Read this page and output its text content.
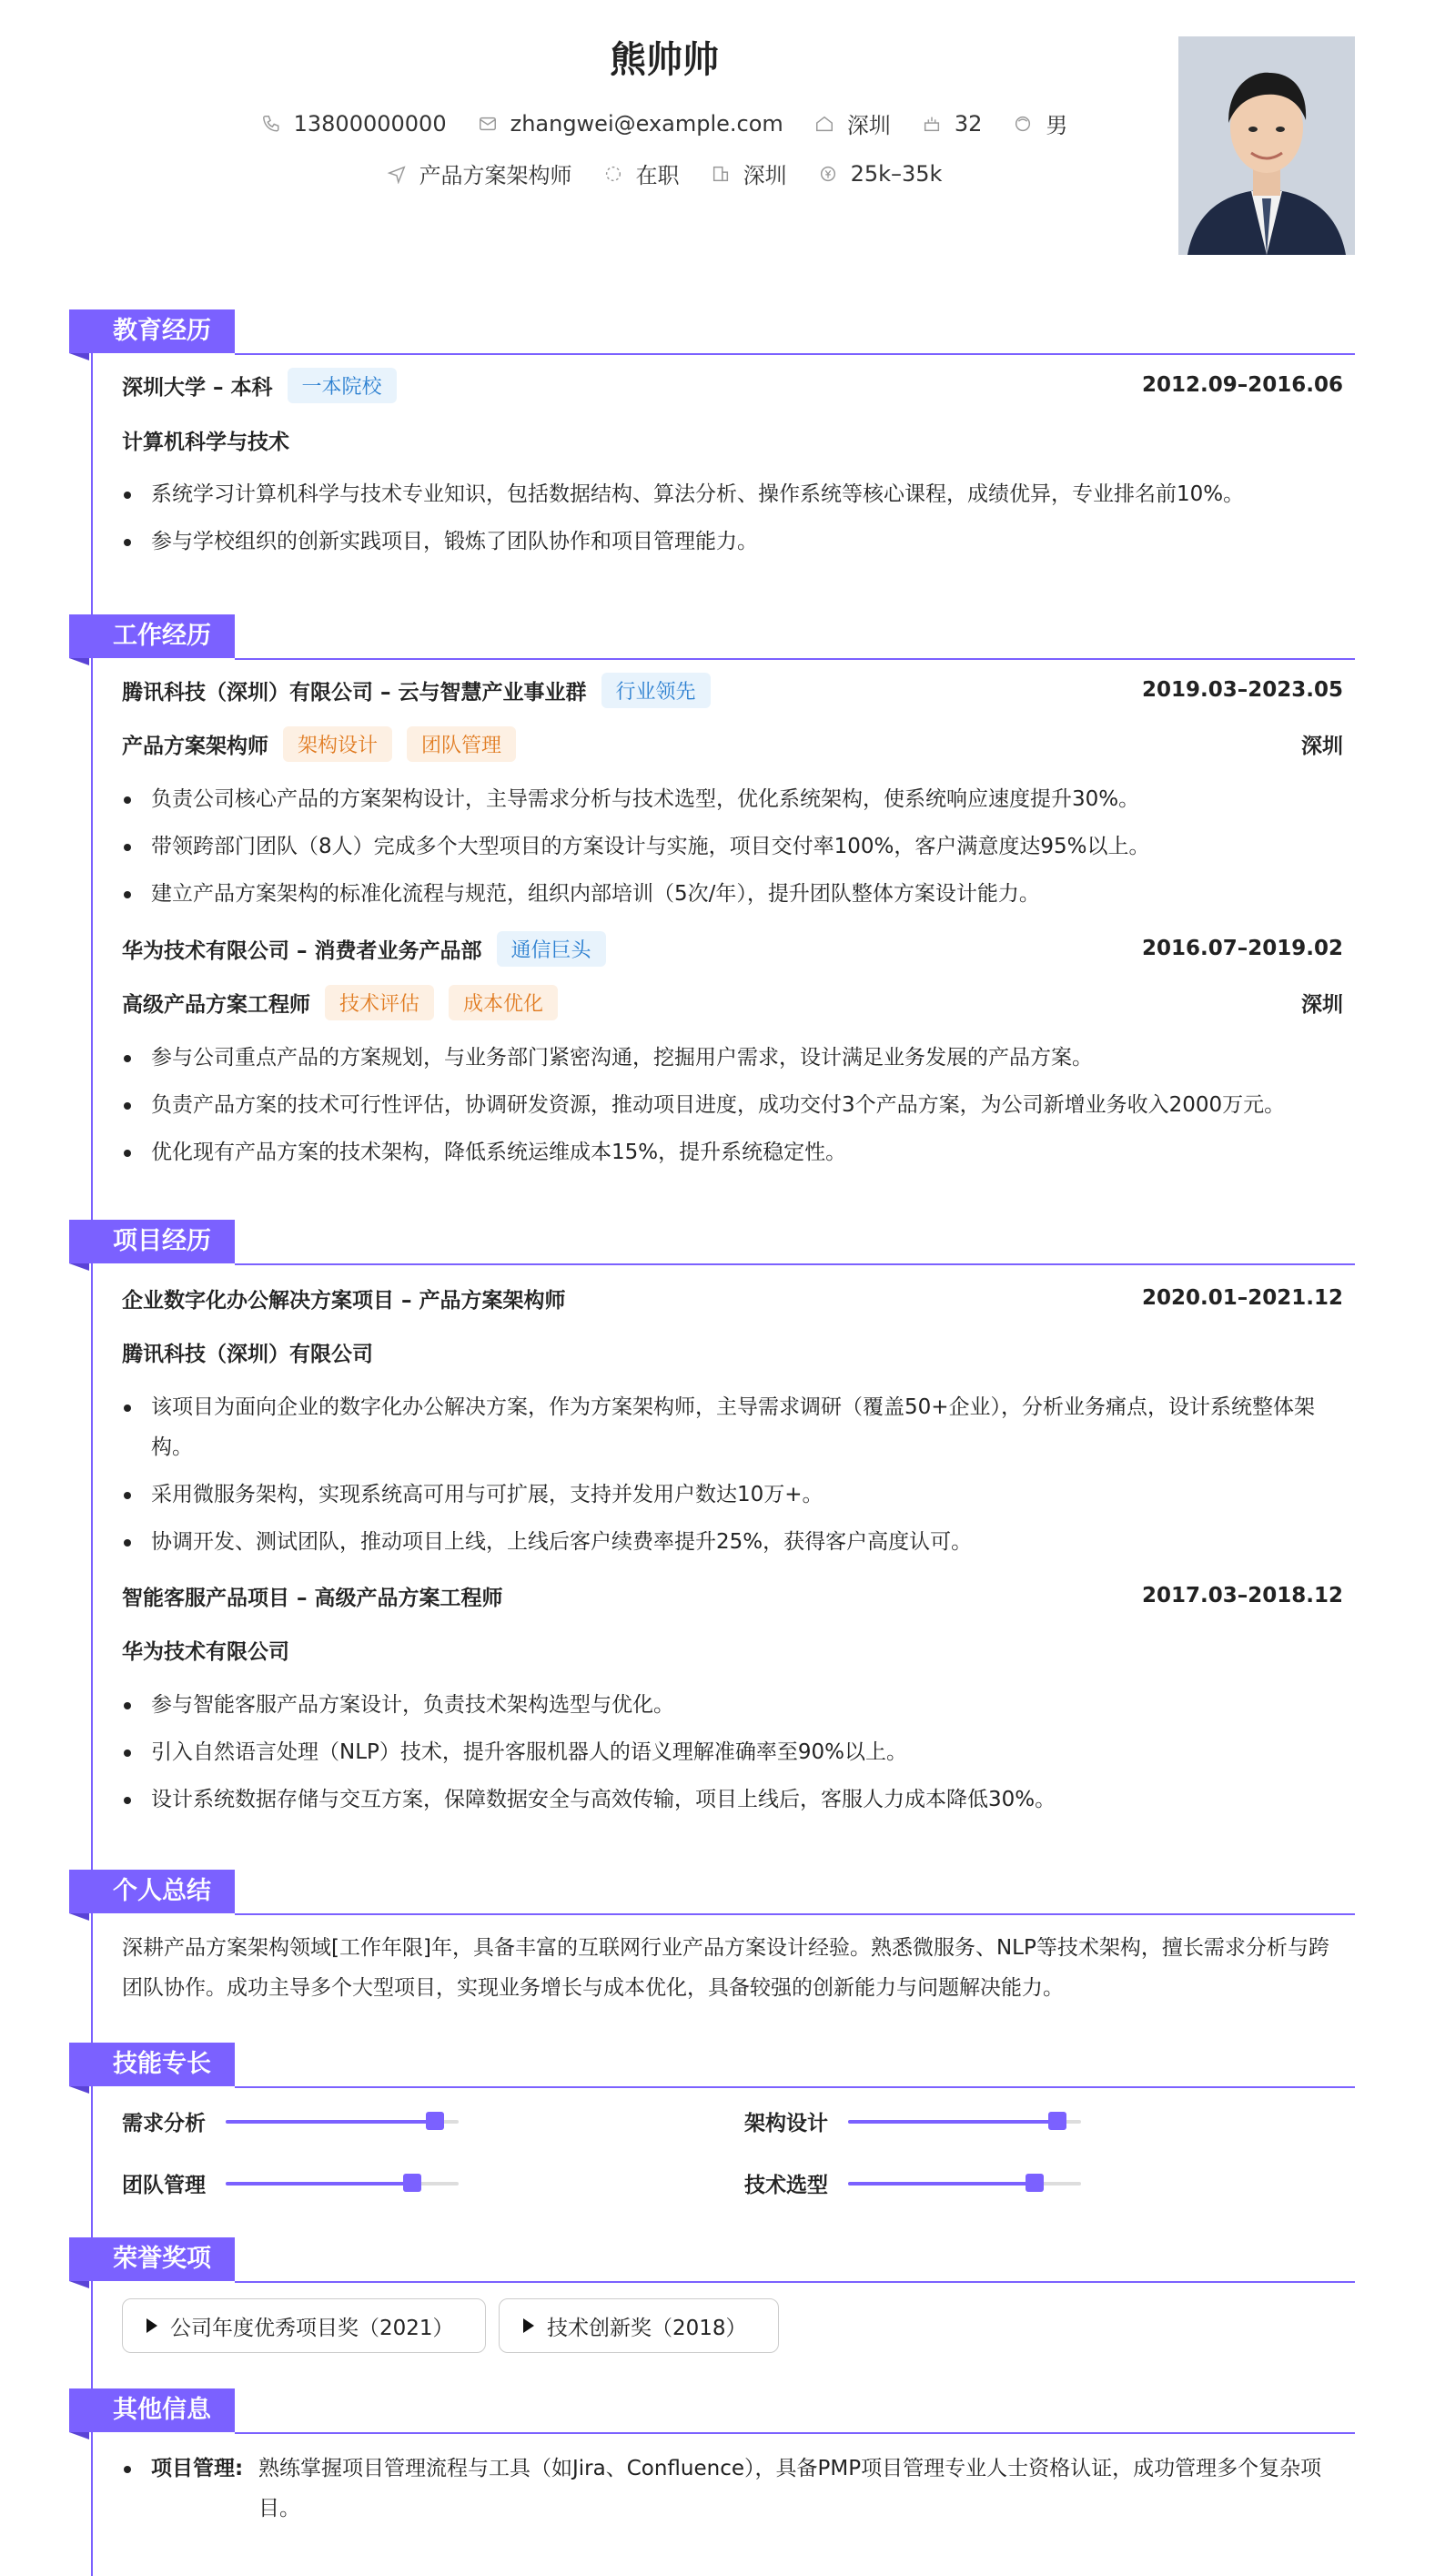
熊帅帅
13800000000	zhangwei@example.com	深圳	32	男
产品方案架构师	在职	深圳	25k–35k
教育经历
深圳大学 – 本科	一本院校	2012.09–2016.06
计算机科学与技术
系统学习计算机科学与技术专业知识，包括数据结构、算法分析、操作系统等核心课程，成绩优异，专业排名前10%。
参与学校组织的创新实践项目，锻炼了团队协作和项目管理能力。
工作经历
腾讯科技（深圳）有限公司 – 云与智慧产业事业群	行业领先	2019.03–2023.05
产品方案架构师	架构设计	团队管理	深圳
负责公司核心产品的方案架构设计，主导需求分析与技术选型，优化系统架构，使系统响应速度提升30%。
带领跨部门团队（8人）完成多个大型项目的方案设计与实施，项目交付率100%，客户满意度达95%以上。
建立产品方案架构的标准化流程与规范，组织内部培训（5次/年），提升团队整体方案设计能力。
华为技术有限公司 – 消费者业务产品部	通信巨头	2016.07–2019.02
高级产品方案工程师	技术评估	成本优化	深圳
参与公司重点产品的方案规划，与业务部门紧密沟通，挖掘用户需求，设计满足业务发展的产品方案。
负责产品方案的技术可行性评估，协调研发资源，推动项目进度，成功交付3个产品方案，为公司新增业务收入2000万元。
优化现有产品方案的技术架构，降低系统运维成本15%，提升系统稳定性。
项目经历
企业数字化办公解决方案项目 – 产品方案架构师	2020.01–2021.12
腾讯科技（深圳）有限公司
该项目为面向企业的数字化办公解决方案，作为方案架构师，主导需求调研（覆盖50+企业），分析业务痛点，设计系统整体架构。
采用微服务架构，实现系统高可用与可扩展，支持并发用户数达10万+。
协调开发、测试团队，推动项目上线，上线后客户续费率提升25%，获得客户高度认可。
智能客服产品项目 – 高级产品方案工程师	2017.03–2018.12
华为技术有限公司
参与智能客服产品方案设计，负责技术架构选型与优化。
引入自然语言处理（NLP）技术，提升客服机器人的语义理解准确率至90%以上。
设计系统数据存储与交互方案，保障数据安全与高效传输，项目上线后，客服人力成本降低30%。
个人总结
深耕产品方案架构领域[工作年限]年，具备丰富的互联网行业产品方案设计经验。熟悉微服务、NLP等技术架构，擅长需求分析与跨团队协作。成功主导多个大型项目，实现业务增长与成本优化，具备较强的创新能力与问题解决能力。
技能专长
需求分析	架构设计
团队管理	技术选型
荣誉奖项
公司年度优秀项目奖（2021）	技术创新奖（2018）
其他信息
项目管理: 熟练掌握项目管理流程与工具（如Jira、Confluence），具备PMP项目管理专业人士资格认证，成功管理多个复杂项目。
